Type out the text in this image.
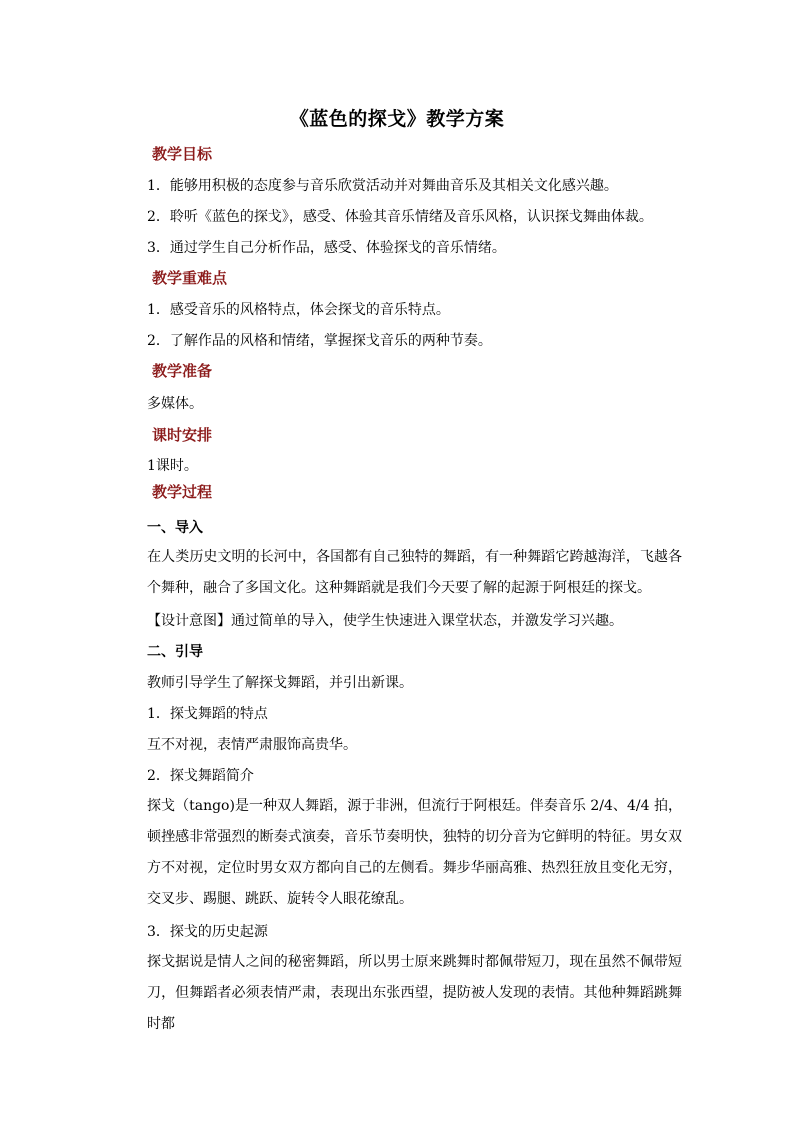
《蓝色的探戈》教学方案
教学目标
1．能够用积极的态度参与音乐欣赏活动并对舞曲音乐及其相关文化感兴趣。
2．聆听《蓝色的探戈》，感受、体验其音乐情绪及音乐风格，认识探戈舞曲体裁。
3．通过学生自己分析作品，感受、体验探戈的音乐情绪。
教学重难点
1．感受音乐的风格特点，体会探戈的音乐特点。
2．了解作品的风格和情绪，掌握探戈音乐的两种节奏。
教学准备
多媒体。
课时安排
1课时。
教学过程
一、导入
在人类历史文明的长河中，各国都有自己独特的舞蹈，有一种舞蹈它跨越海洋，飞越各个舞种，融合了多国文化。这种舞蹈就是我们今天要了解的起源于阿根廷的探戈。
【设计意图】通过简单的导入，使学生快速进入课堂状态，并激发学习兴趣。
二、引导
教师引导学生了解探戈舞蹈，并引出新课。
1．探戈舞蹈的特点
互不对视，表情严肃服饰高贵华。
2．探戈舞蹈简介
探戈（tango)是一种双人舞蹈，源于非洲，但流行于阿根廷。伴奏音乐 2/4、4/4 拍，顿挫感非常强烈的断奏式演奏，音乐节奏明快，独特的切分音为它鲜明的特征。男女双方不对视，定位时男女双方都向自己的左侧看。舞步华丽高雅、热烈狂放且变化无穷，交叉步、踢腿、跳跃、旋转令人眼花缭乱。
3．探戈的历史起源
探戈据说是情人之间的秘密舞蹈，所以男士原来跳舞时都佩带短刀，现在虽然不佩带短刀，但舞蹈者必须表情严肃，表现出东张西望，提防被人发现的表情。其他种舞蹈跳舞时都
